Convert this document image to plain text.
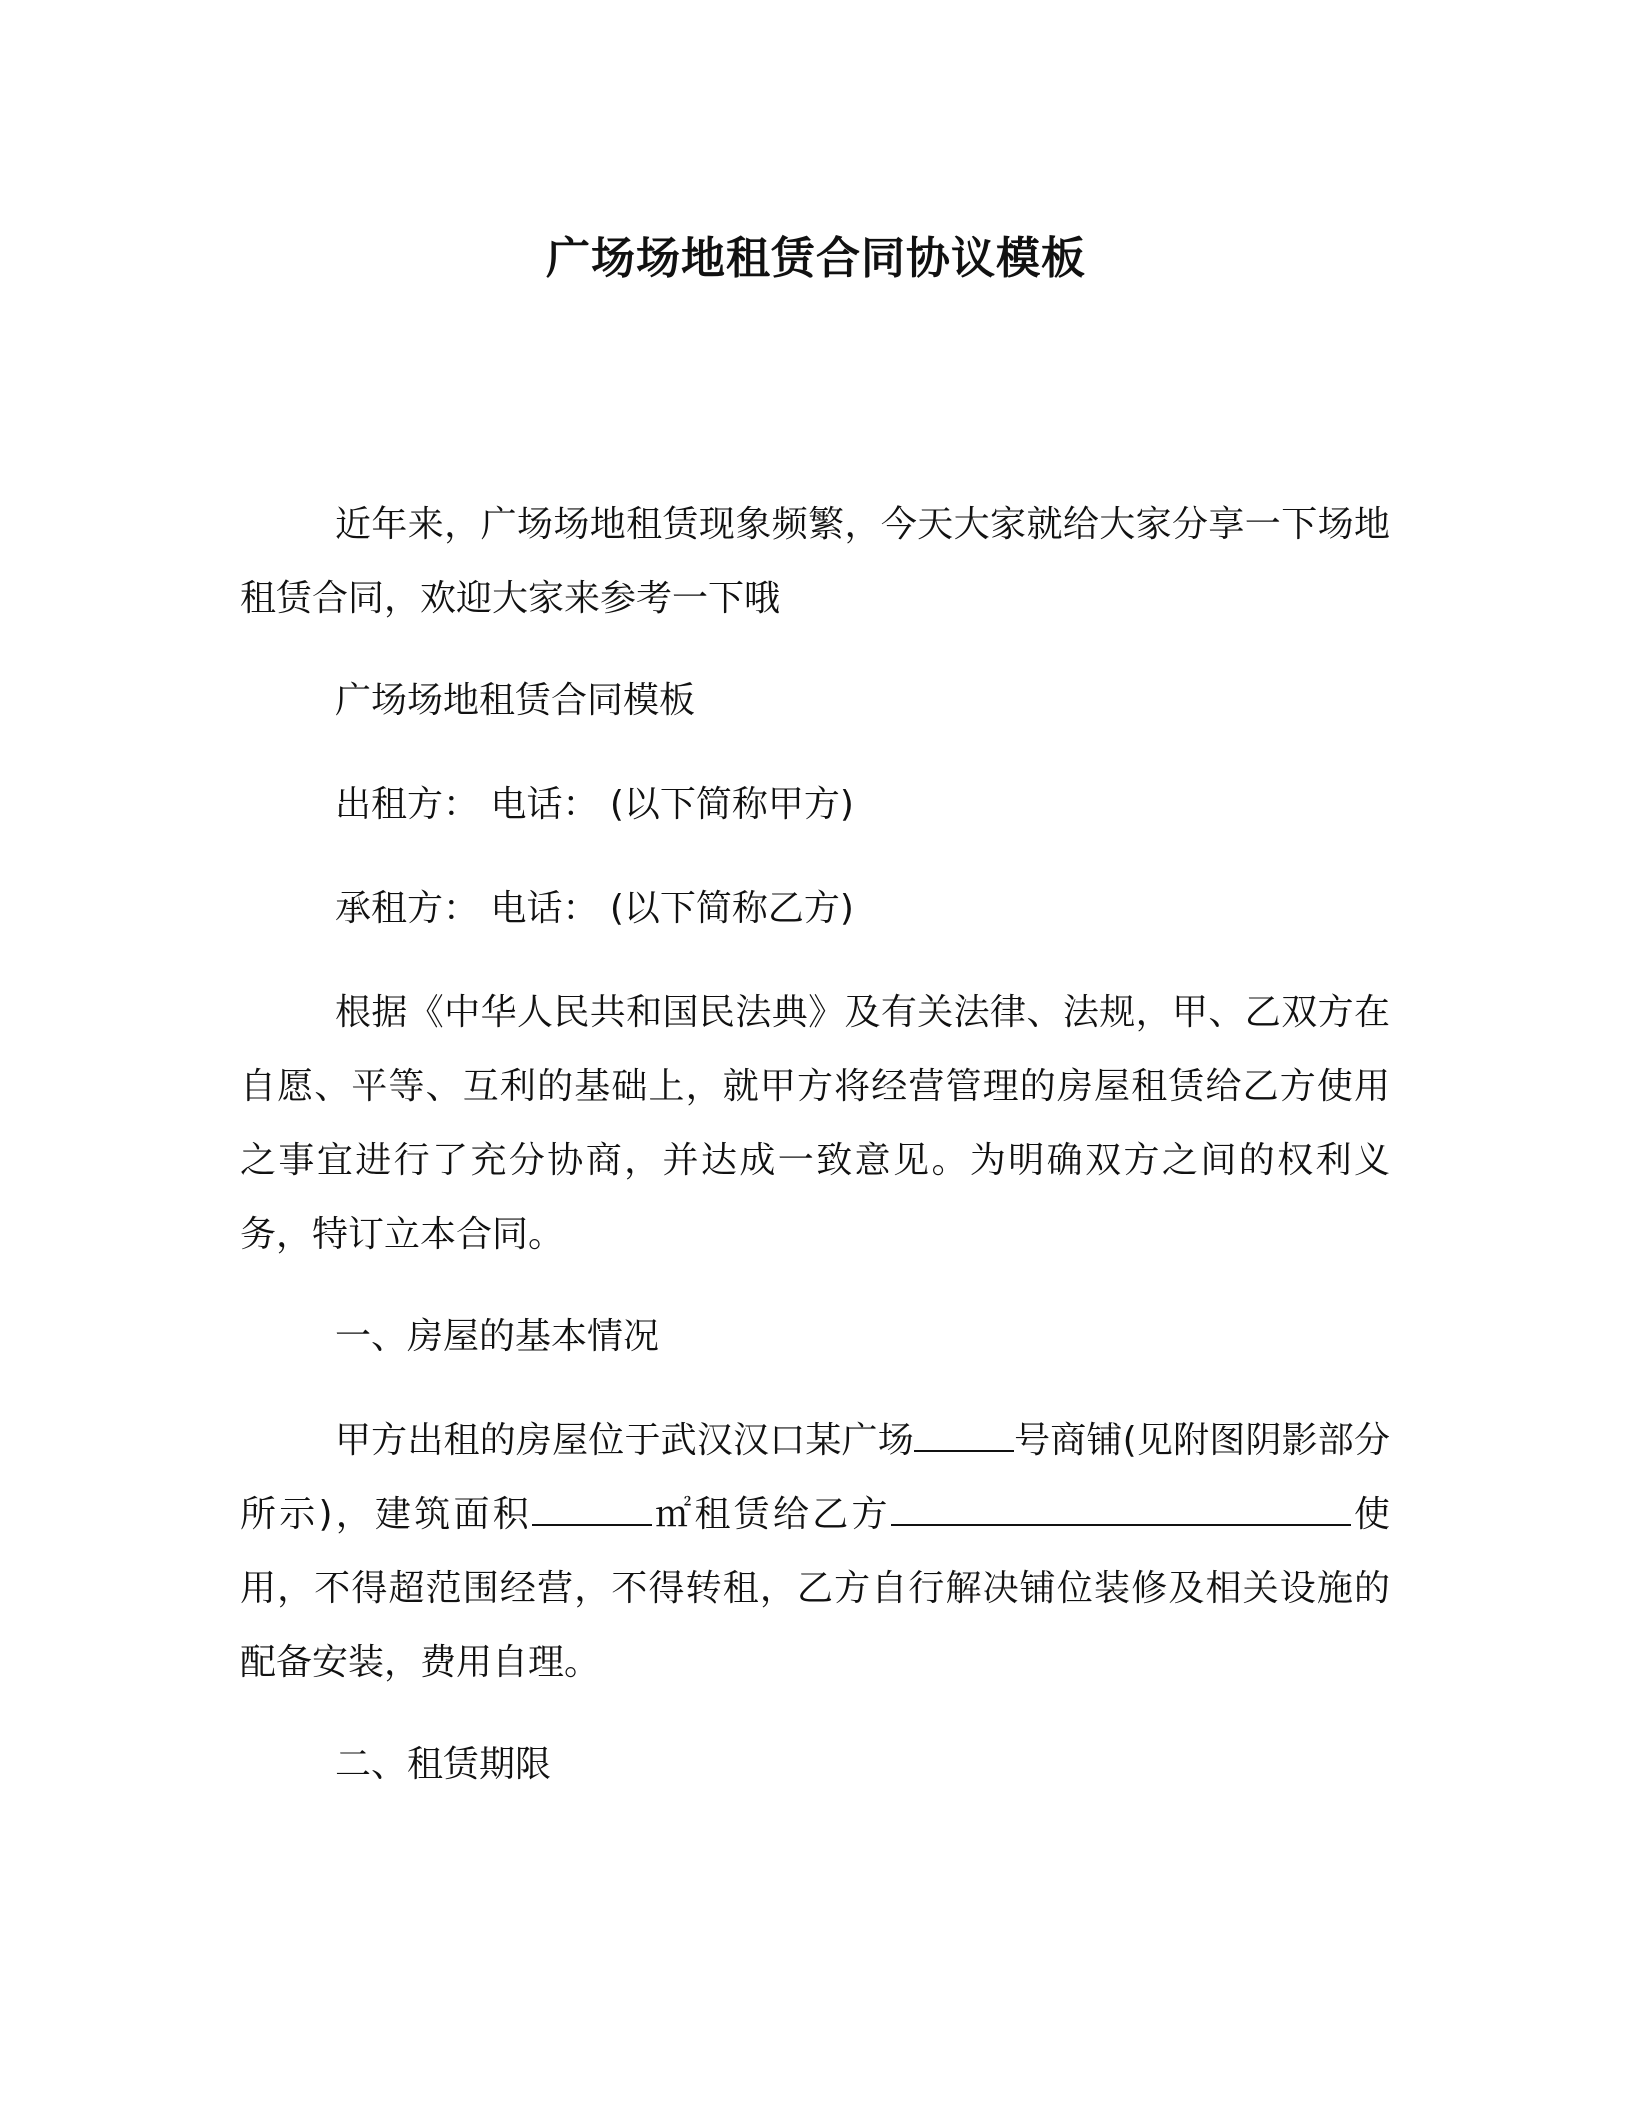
广场场地租赁合同协议模板

近年来，广场场地租赁现象频繁，今天大家就给大家分享一下场地租赁合同，欢迎大家来参考一下哦

广场场地租赁合同模板

出租方： 电话： (以下简称甲方)

承租方： 电话： (以下简称乙方)

根据《中华人民共和国民法典》及有关法律、法规，甲、乙双方在自愿、平等、互利的基础上，就甲方将经营管理的房屋租赁给乙方使用之事宜进行了充分协商，并达成一致意见。为明确双方之间的权利义务，特订立本合同。

一、房屋的基本情况

甲方出租的房屋位于武汉汉口某广场	号商铺(见附图阴影部分所示)，建筑面积	㎡租赁给乙方	使用，不得超范围经营，不得转租，乙方自行解决铺位装修及相关设施的配备安装，费用自理。

二、租赁期限
